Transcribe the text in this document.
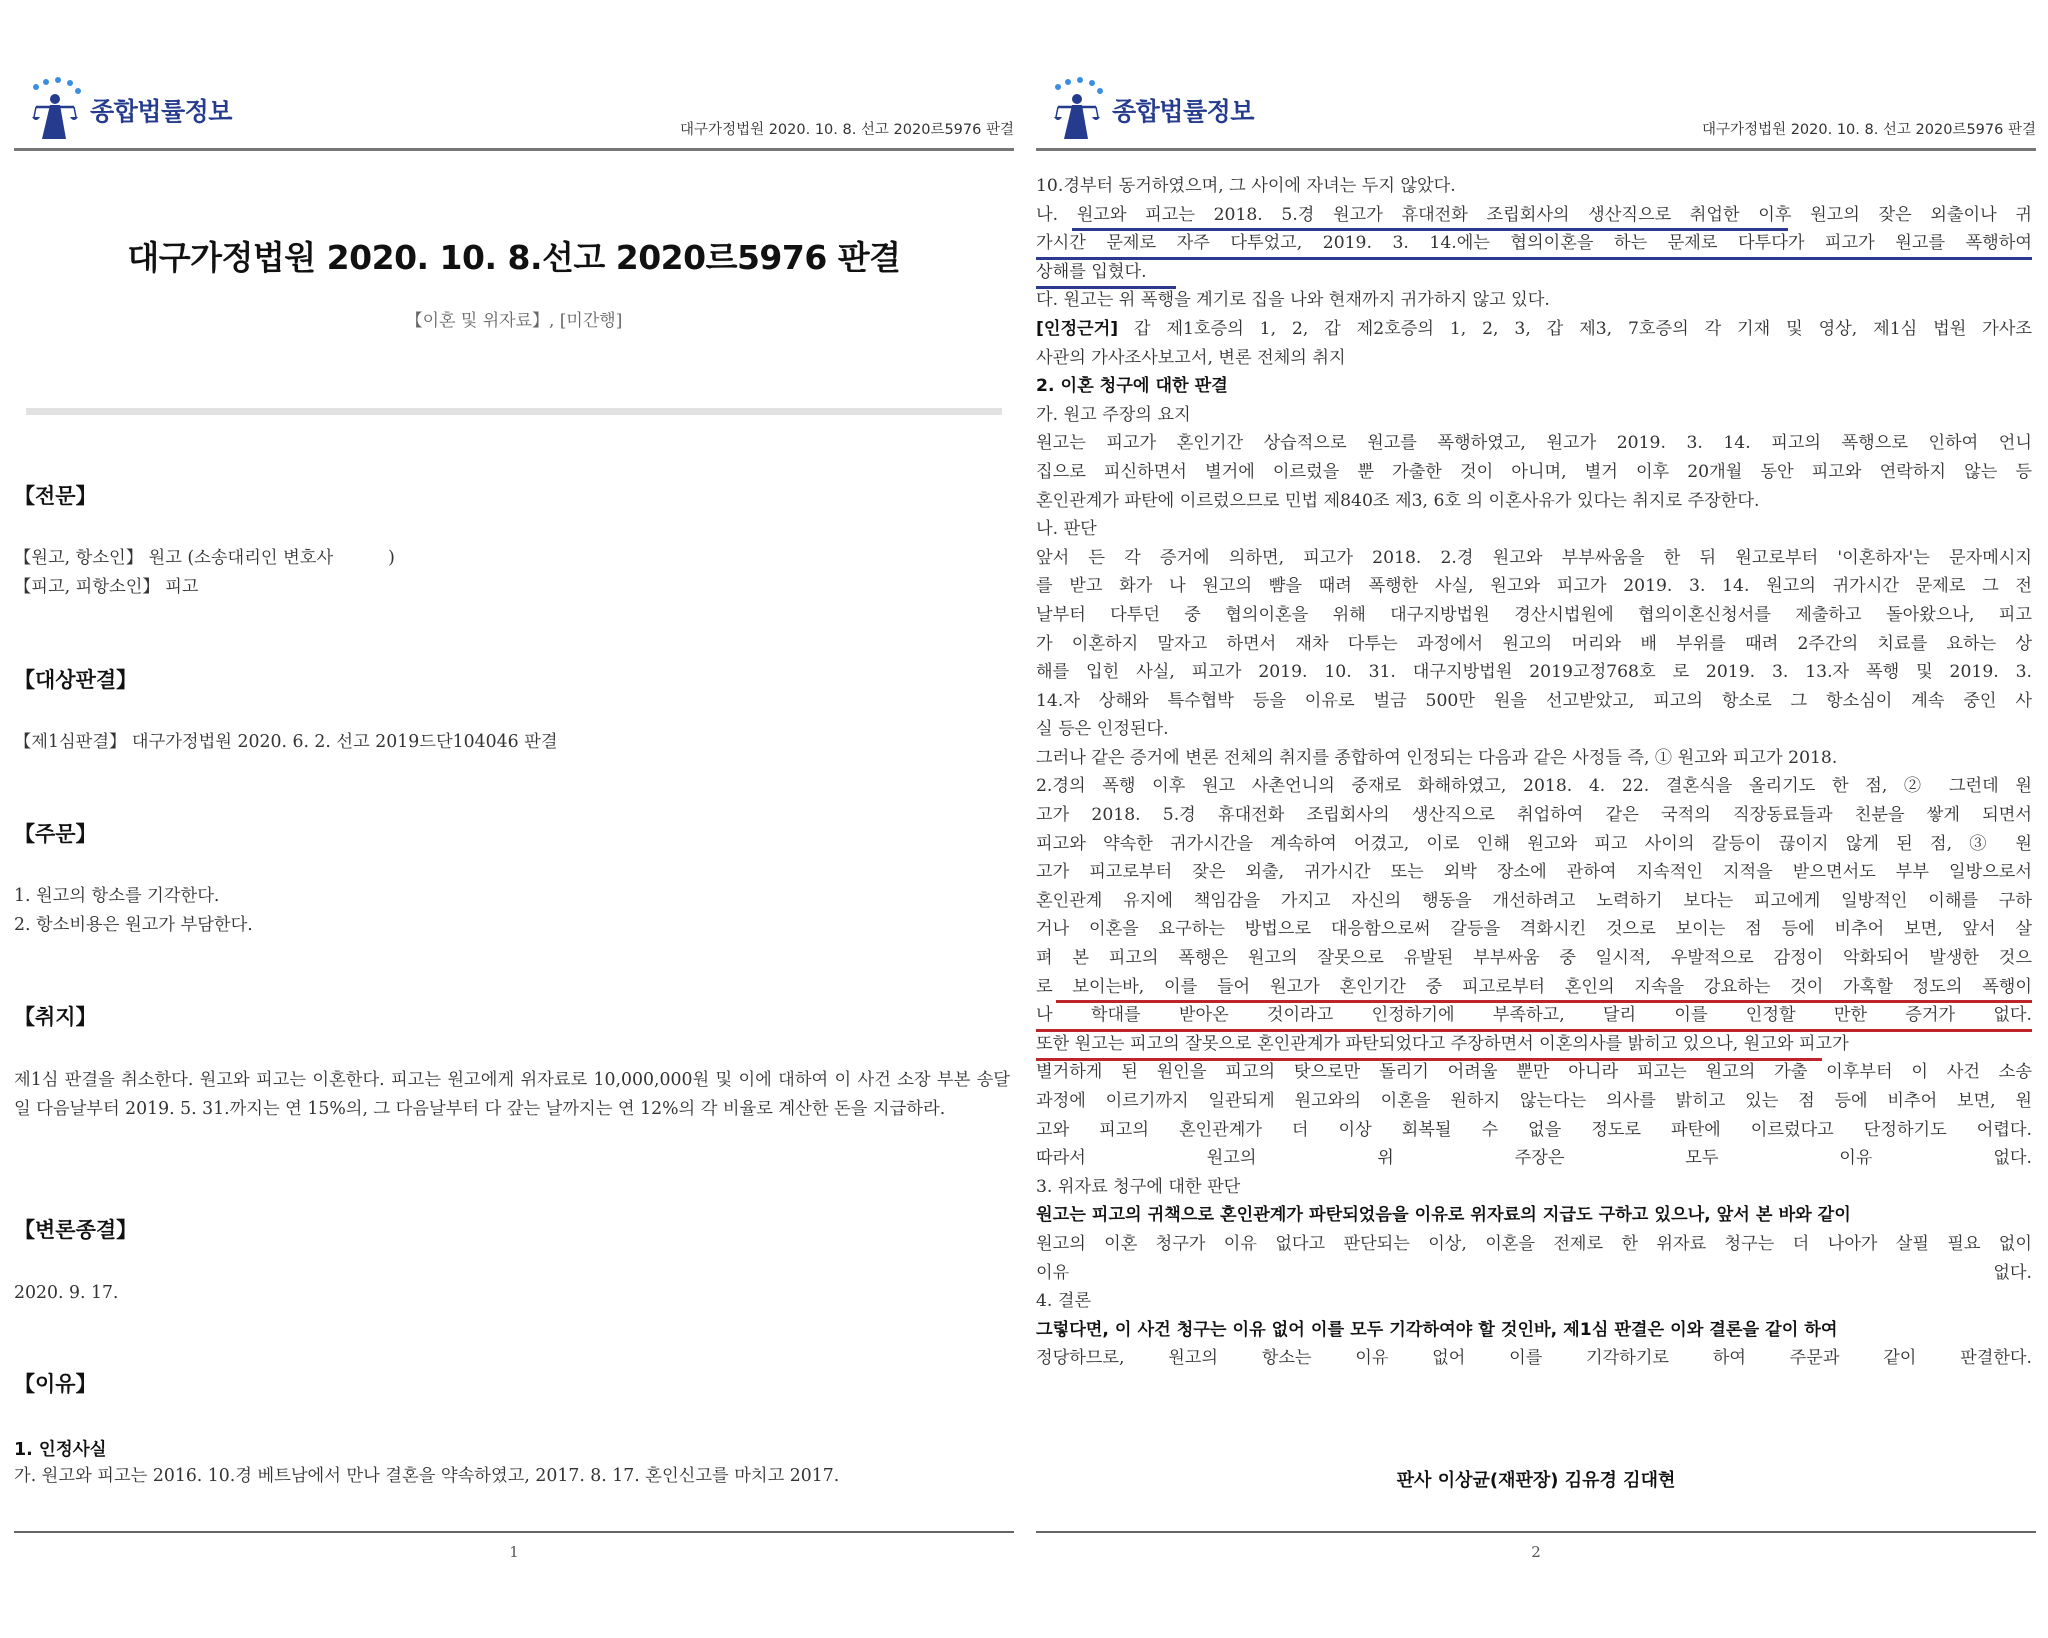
종합법률정보
대구가정법원 2020. 10. 8. 선고 2020르5976 판결
대구가정법원 2020. 10. 8.선고 2020르5976 판결
【이혼 및 위자료】, [미간행]
【전문】
【원고, 항소인】 원고 (소송대리인 변호사          )
【피고, 피항소인】 피고
【대상판결】
【제1심판결】 대구가정법원 2020. 6. 2. 선고 2019드단104046 판결
【주문】
1. 원고의 항소를 기각한다.
2. 항소비용은 원고가 부담한다.
【취지】
제1심 판결을 취소한다. 원고와 피고는 이혼한다. 피고는 원고에게 위자료로 10,000,000원 및 이에 대하여 이 사건 소장 부본 송달일 다음날부터 2019. 5. 31.까지는 연 15%의, 그 다음날부터 다 갚는 날까지는 연 12%의 각 비율로 계산한 돈을 지급하라.
【변론종결】
2020. 9. 17.
【이유】
1. 인정사실
가. 원고와 피고는 2016. 10.경 베트남에서 만나 결혼을 약속하였고, 2017. 8. 17. 혼인신고를 마치고 2017.
1
종합법률정보
대구가정법원 2020. 10. 8. 선고 2020르5976 판결
10.경부터 동거하였으며, 그 사이에 자녀는 두지 않았다.
나. 원고와 피고는 2018. 5.경 원고가 휴대전화 조립회사의 생산직으로 취업한 이후 원고의 잦은 외출이나 귀
가시간 문제로 자주 다투었고, 2019. 3. 14.에는 협의이혼을 하는 문제로 다투다가 피고가 원고를 폭행하여
상해를 입혔다.
다. 원고는 위 폭행을 계기로 집을 나와 현재까지 귀가하지 않고 있다.
[인정근거] 갑 제1호증의 1, 2, 갑 제2호증의 1, 2, 3, 갑 제3, 7호증의 각 기재 및 영상, 제1심 법원 가사조
사관의 가사조사보고서, 변론 전체의 취지
2. 이혼 청구에 대한 판결
가. 원고 주장의 요지
원고는 피고가 혼인기간 상습적으로 원고를 폭행하였고, 원고가 2019. 3. 14. 피고의 폭행으로 인하여 언니
집으로 피신하면서 별거에 이르렀을 뿐 가출한 것이 아니며, 별거 이후 20개월 동안 피고와 연락하지 않는 등
혼인관계가 파탄에 이르렀으므로 민법 제840조 제3, 6호 의 이혼사유가 있다는 취지로 주장한다.
나. 판단
앞서 든 각 증거에 의하면, 피고가 2018. 2.경 원고와 부부싸움을 한 뒤 원고로부터 '이혼하자'는 문자메시지
를 받고 화가 나 원고의 뺨을 때려 폭행한 사실, 원고와 피고가 2019. 3. 14. 원고의 귀가시간 문제로 그 전
날부터 다투던 중 협의이혼을 위해 대구지방법원 경산시법원에 협의이혼신청서를 제출하고 돌아왔으나, 피고
가 이혼하지 말자고 하면서 재차 다투는 과정에서 원고의 머리와 배 부위를 때려 2주간의 치료를 요하는 상
해를 입힌 사실, 피고가 2019. 10. 31. 대구지방법원 2019고정768호 로 2019. 3. 13.자 폭행 및 2019. 3.
14.자 상해와 특수협박 등을 이유로 벌금 500만 원을 선고받았고, 피고의 항소로 그 항소심이 계속 중인 사
실 등은 인정된다.
그러나 같은 증거에 변론 전체의 취지를 종합하여 인정되는 다음과 같은 사정들 즉, ① 원고와 피고가 2018.
2.경의 폭행 이후 원고 사촌언니의 중재로 화해하였고, 2018. 4. 22. 결혼식을 올리기도 한 점, ② 그런데 원
고가 2018. 5.경 휴대전화 조립회사의 생산직으로 취업하여 같은 국적의 직장동료들과 친분을 쌓게 되면서
피고와 약속한 귀가시간을 계속하여 어겼고, 이로 인해 원고와 피고 사이의 갈등이 끊이지 않게 된 점, ③ 원
고가 피고로부터 잦은 외출, 귀가시간 또는 외박 장소에 관하여 지속적인 지적을 받으면서도 부부 일방으로서
혼인관계 유지에 책임감을 가지고 자신의 행동을 개선하려고 노력하기 보다는 피고에게 일방적인 이해를 구하
거나 이혼을 요구하는 방법으로 대응함으로써 갈등을 격화시킨 것으로 보이는 점 등에 비추어 보면, 앞서 살
펴 본 피고의 폭행은 원고의 잘못으로 유발된 부부싸움 중 일시적, 우발적으로 감정이 악화되어 발생한 것으
로 보이는바, 이를 들어 원고가 혼인기간 중 피고로부터 혼인의 지속을 강요하는 것이 가혹할 정도의 폭행이
나 학대를 받아온 것이라고 인정하기에 부족하고, 달리 이를 인정할 만한 증거가 없다.
또한 원고는 피고의 잘못으로 혼인관계가 파탄되었다고 주장하면서 이혼의사를 밝히고 있으나, 원고와 피고가
별거하게 된 원인을 피고의 탓으로만 돌리기 어려울 뿐만 아니라 피고는 원고의 가출 이후부터 이 사건 소송
과정에 이르기까지 일관되게 원고와의 이혼을 원하지 않는다는 의사를 밝히고 있는 점 등에 비추어 보면, 원
고와 피고의 혼인관계가 더 이상 회복될 수 없을 정도로 파탄에 이르렀다고 단정하기도 어렵다.
따라서 원고의 위 주장은 모두 이유 없다.
3. 위자료 청구에 대한 판단
원고는 피고의 귀책으로 혼인관계가 파탄되었음을 이유로 위자료의 지급도 구하고 있으나, 앞서 본 바와 같이
원고의 이혼 청구가 이유 없다고 판단되는 이상, 이혼을 전제로 한 위자료 청구는 더 나아가 살필 필요 없이
이유 없다.
4. 결론
그렇다면, 이 사건 청구는 이유 없어 이를 모두 기각하여야 할 것인바, 제1심 판결은 이와 결론을 같이 하여
정당하므로, 원고의 항소는 이유 없어 이를 기각하기로 하여 주문과 같이 판결한다.
판사 이상균(재판장) 김유경 김대현
2
